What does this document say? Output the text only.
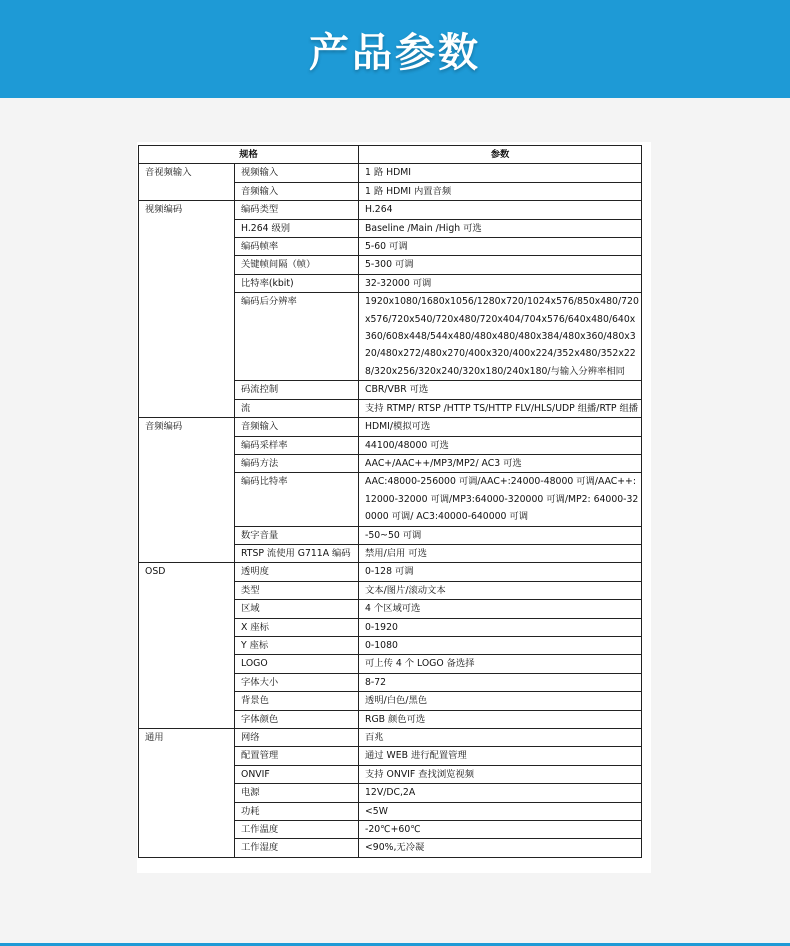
产品参数
规格		参数
音视频输入	视频输入	1 路 HDMI
	音频输入	1 路 HDMI 内置音频
视频编码	编码类型	H.264
	H.264 级别	Baseline /Main /High 可选
	编码帧率	5-60 可调
	关键帧间隔（帧）	5-300 可调
	比特率(kbit)	32-32000 可调
	编码后分辨率	1920x1080/1680x1056/1280x720/1024x576/850x480/720x576/720x540/720x480/720x404/704x576/640x480/640x360/608x448/544x480/480x480/480x384/480x360/480x320/480x272/480x270/400x320/400x224/352x480/352x228/320x256/320x240/320x180/240x180/与输入分辨率相同
	码流控制	CBR/VBR 可选
	流	支持 RTMP/ RTSP /HTTP TS/HTTP FLV/HLS/UDP 组播/RTP 组播
音频编码	音频输入	HDMI/模拟可选
	编码采样率	44100/48000 可选
	编码方法	AAC+/AAC++/MP3/MP2/ AC3 可选
	编码比特率	AAC:48000-256000 可调/AAC+:24000-48000 可调/AAC++:12000-32000 可调/MP3:64000-320000 可调/MP2: 64000-320000 可调/ AC3:40000-640000 可调
	数字音量	-50~50 可调
	RTSP 流使用 G711A 编码	禁用/启用 可选
OSD	透明度	0-128 可调
	类型	文本/图片/滚动文本
	区域	4 个区域可选
	X 座标	0-1920
	Y 座标	0-1080
	LOGO	可上传 4 个 LOGO 备选择
	字体大小	8-72
	背景色	透明/白色/黑色
	字体颜色	RGB 颜色可选
通用	网络	百兆
	配置管理	通过 WEB 进行配置管理
	ONVIF	支持 ONVIF 查找浏览视频
	电源	12V/DC,2A
	功耗	<5W
	工作温度	-20℃+60℃
	工作湿度	<90%,无冷凝
